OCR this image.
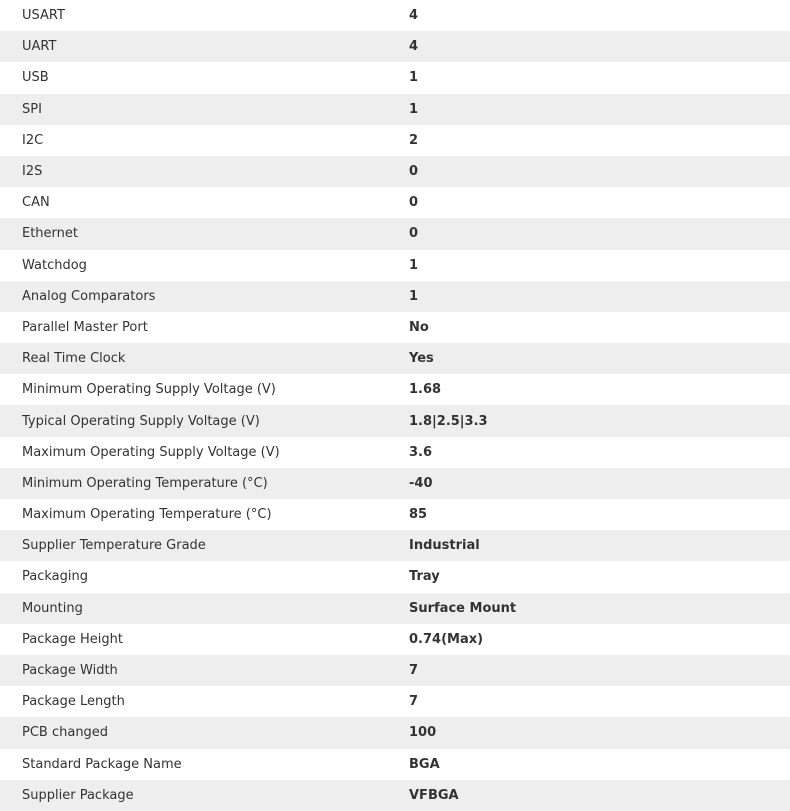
USART	4
UART	4
USB	1
SPI	1
I2C	2
I2S	0
CAN	0
Ethernet	0
Watchdog	1
Analog Comparators	1
Parallel Master Port	No
Real Time Clock	Yes
Minimum Operating Supply Voltage (V)	1.68
Typical Operating Supply Voltage (V)	1.8|2.5|3.3
Maximum Operating Supply Voltage (V)	3.6
Minimum Operating Temperature (°C)	-40
Maximum Operating Temperature (°C)	85
Supplier Temperature Grade	Industrial
Packaging	Tray
Mounting	Surface Mount
Package Height	0.74(Max)
Package Width	7
Package Length	7
PCB changed	100
Standard Package Name	BGA
Supplier Package	VFBGA
